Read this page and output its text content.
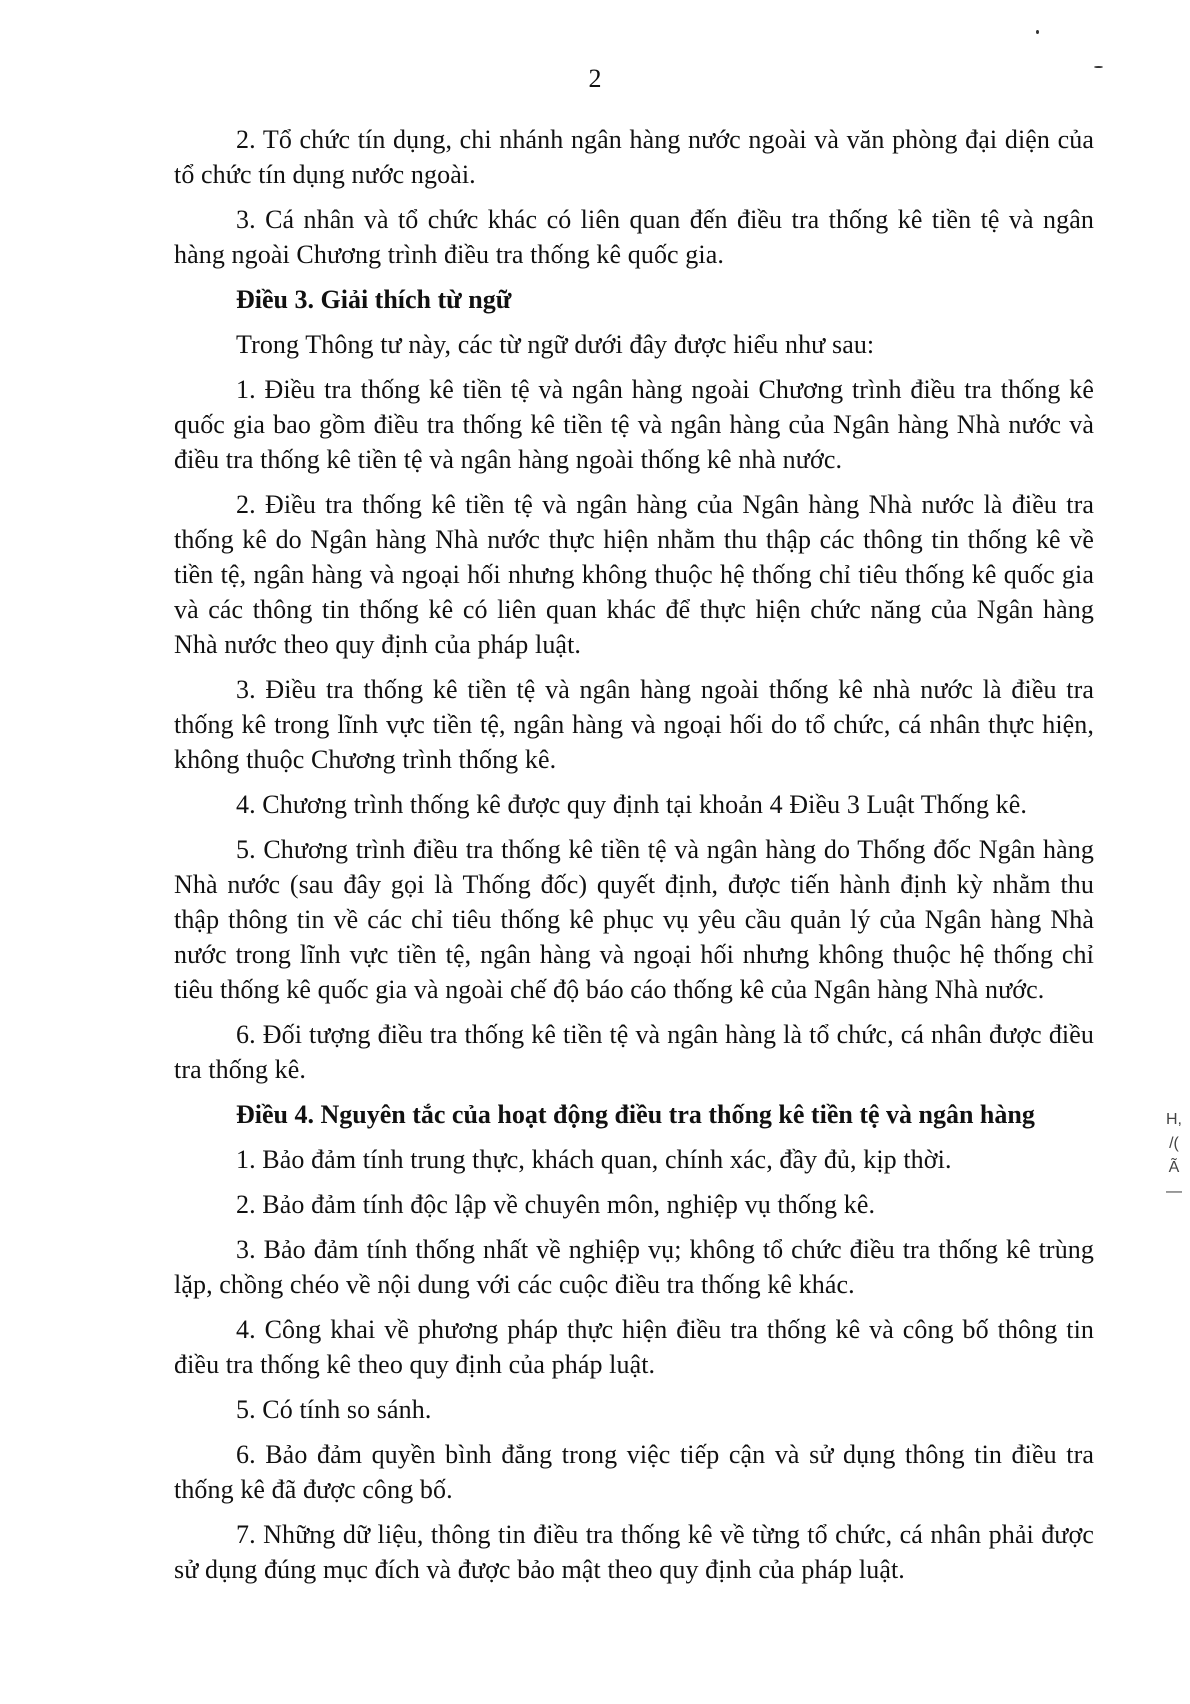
2

2. Tổ chức tín dụng, chi nhánh ngân hàng nước ngoài và văn phòng đại diện của tổ chức tín dụng nước ngoài.

3. Cá nhân và tổ chức khác có liên quan đến điều tra thống kê tiền tệ và ngân hàng ngoài Chương trình điều tra thống kê quốc gia.

Điều 3. Giải thích từ ngữ

Trong Thông tư này, các từ ngữ dưới đây được hiểu như sau:

1. Điều tra thống kê tiền tệ và ngân hàng ngoài Chương trình điều tra thống kê quốc gia bao gồm điều tra thống kê tiền tệ và ngân hàng của Ngân hàng Nhà nước và điều tra thống kê tiền tệ và ngân hàng ngoài thống kê nhà nước.

2. Điều tra thống kê tiền tệ và ngân hàng của Ngân hàng Nhà nước là điều tra thống kê do Ngân hàng Nhà nước thực hiện nhằm thu thập các thông tin thống kê về tiền tệ, ngân hàng và ngoại hối nhưng không thuộc hệ thống chỉ tiêu thống kê quốc gia và các thông tin thống kê có liên quan khác để thực hiện chức năng của Ngân hàng Nhà nước theo quy định của pháp luật.

3. Điều tra thống kê tiền tệ và ngân hàng ngoài thống kê nhà nước là điều tra thống kê trong lĩnh vực tiền tệ, ngân hàng và ngoại hối do tổ chức, cá nhân thực hiện, không thuộc Chương trình thống kê.

4. Chương trình thống kê được quy định tại khoản 4 Điều 3 Luật Thống kê.

5. Chương trình điều tra thống kê tiền tệ và ngân hàng do Thống đốc Ngân hàng Nhà nước (sau đây gọi là Thống đốc) quyết định, được tiến hành định kỳ nhằm thu thập thông tin về các chỉ tiêu thống kê phục vụ yêu cầu quản lý của Ngân hàng Nhà nước trong lĩnh vực tiền tệ, ngân hàng và ngoại hối nhưng không thuộc hệ thống chỉ tiêu thống kê quốc gia và ngoài chế độ báo cáo thống kê của Ngân hàng Nhà nước.

6. Đối tượng điều tra thống kê tiền tệ và ngân hàng là tổ chức, cá nhân được điều tra thống kê.

Điều 4. Nguyên tắc của hoạt động điều tra thống kê tiền tệ và ngân hàng

1. Bảo đảm tính trung thực, khách quan, chính xác, đầy đủ, kịp thời.

2. Bảo đảm tính độc lập về chuyên môn, nghiệp vụ thống kê.

3. Bảo đảm tính thống nhất về nghiệp vụ; không tổ chức điều tra thống kê trùng lặp, chồng chéo về nội dung với các cuộc điều tra thống kê khác.

4. Công khai về phương pháp thực hiện điều tra thống kê và công bố thông tin điều tra thống kê theo quy định của pháp luật.

5. Có tính so sánh.

6. Bảo đảm quyền bình đẳng trong việc tiếp cận và sử dụng thông tin điều tra thống kê đã được công bố.

7. Những dữ liệu, thông tin điều tra thống kê về từng tổ chức, cá nhân phải được sử dụng đúng mục đích và được bảo mật theo quy định của pháp luật.

H,
/(
Ã
—
